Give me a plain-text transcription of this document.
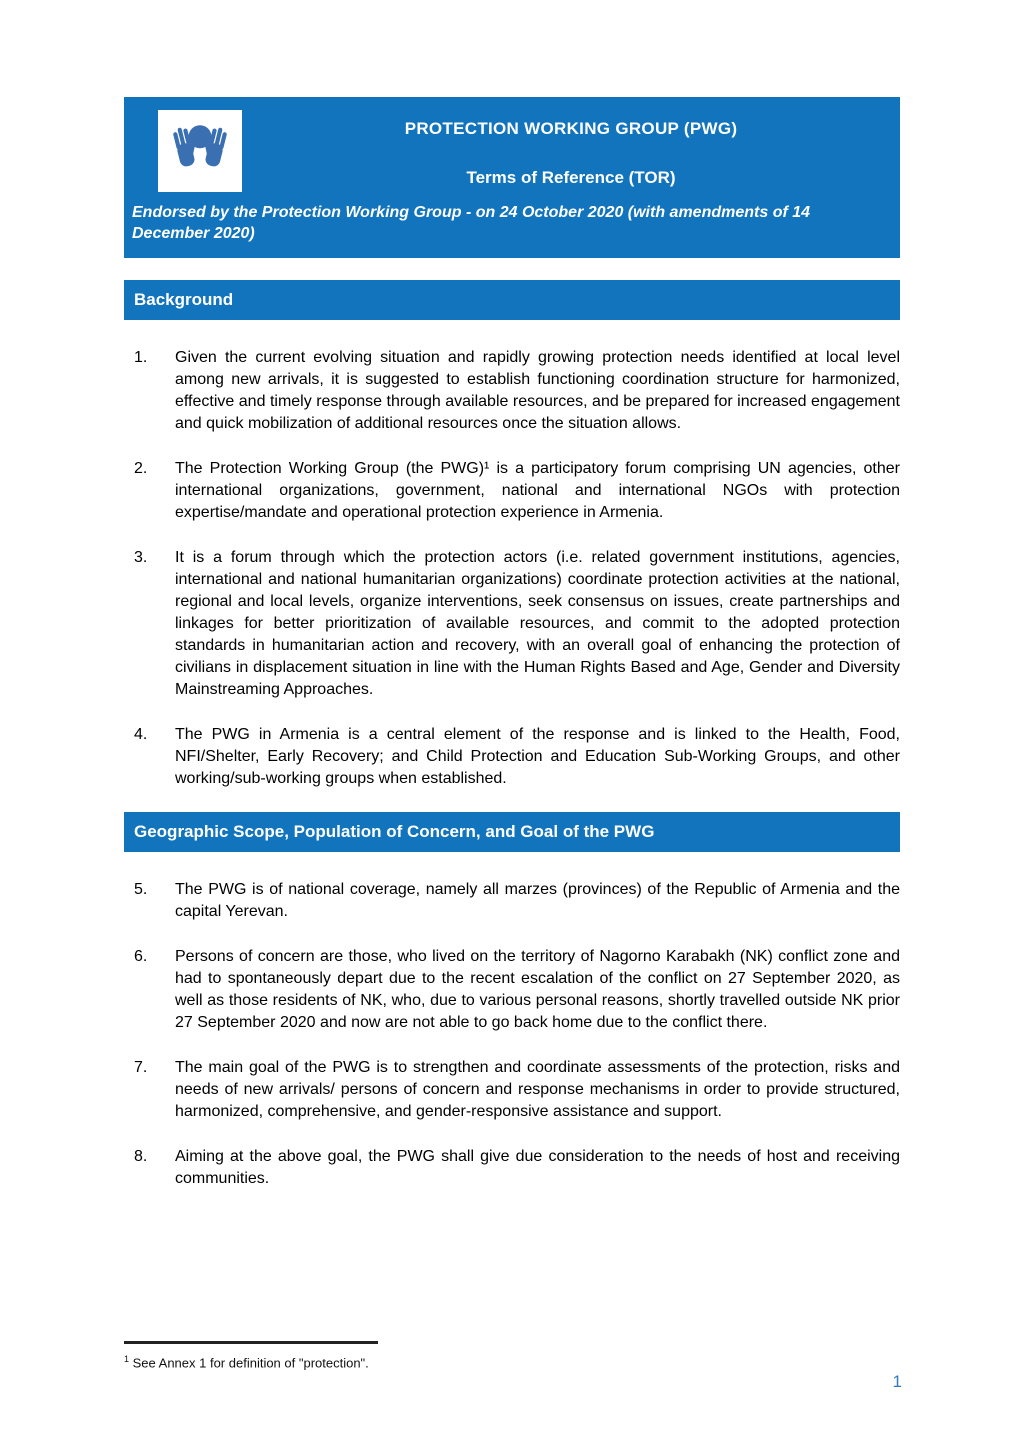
PROTECTION WORKING GROUP (PWG)
Terms of Reference (TOR)
Endorsed by the Protection Working Group - on 24 October 2020 (with amendments of 14 December 2020)
Background
1.	Given the current evolving situation and rapidly growing protection needs identified at local level among new arrivals, it is suggested to establish functioning coordination structure for harmonized, effective and timely response through available resources, and be prepared for increased engagement and quick mobilization of additional resources once the situation allows.
2.	The Protection Working Group (the PWG)¹ is a participatory forum comprising UN agencies, other international organizations, government, national and international NGOs with protection expertise/mandate and operational protection experience in Armenia.
3.	It is a forum through which the protection actors (i.e. related government institutions, agencies, international and national humanitarian organizations) coordinate protection activities at the national, regional and local levels, organize interventions, seek consensus on issues, create partnerships and linkages for better prioritization of available resources, and commit to the adopted protection standards in humanitarian action and recovery, with an overall goal of enhancing the protection of civilians in displacement situation in line with the Human Rights Based and Age, Gender and Diversity Mainstreaming Approaches.
4.	The PWG in Armenia is a central element of the response and is linked to the Health, Food, NFI/Shelter, Early Recovery; and Child Protection and Education Sub-Working Groups, and other working/sub-working groups when established.
Geographic Scope, Population of Concern, and Goal of the PWG
5.	The PWG is of national coverage, namely all marzes (provinces) of the Republic of Armenia and the capital Yerevan.
6.	Persons of concern are those, who lived on the territory of Nagorno Karabakh (NK) conflict zone and had to spontaneously depart due to the recent escalation of the conflict on 27 September 2020, as well as those residents of NK, who, due to various personal reasons, shortly travelled outside NK prior 27 September 2020 and now are not able to go back home due to the conflict there.
7.	The main goal of the PWG is to strengthen and coordinate assessments of the protection, risks and needs of new arrivals/ persons of concern and response mechanisms in order to provide structured, harmonized, comprehensive, and gender-responsive assistance and support.
8.	Aiming at the above goal, the PWG shall give due consideration to the needs of host and receiving communities.
$^1$ See Annex 1 for definition of "protection".
1
